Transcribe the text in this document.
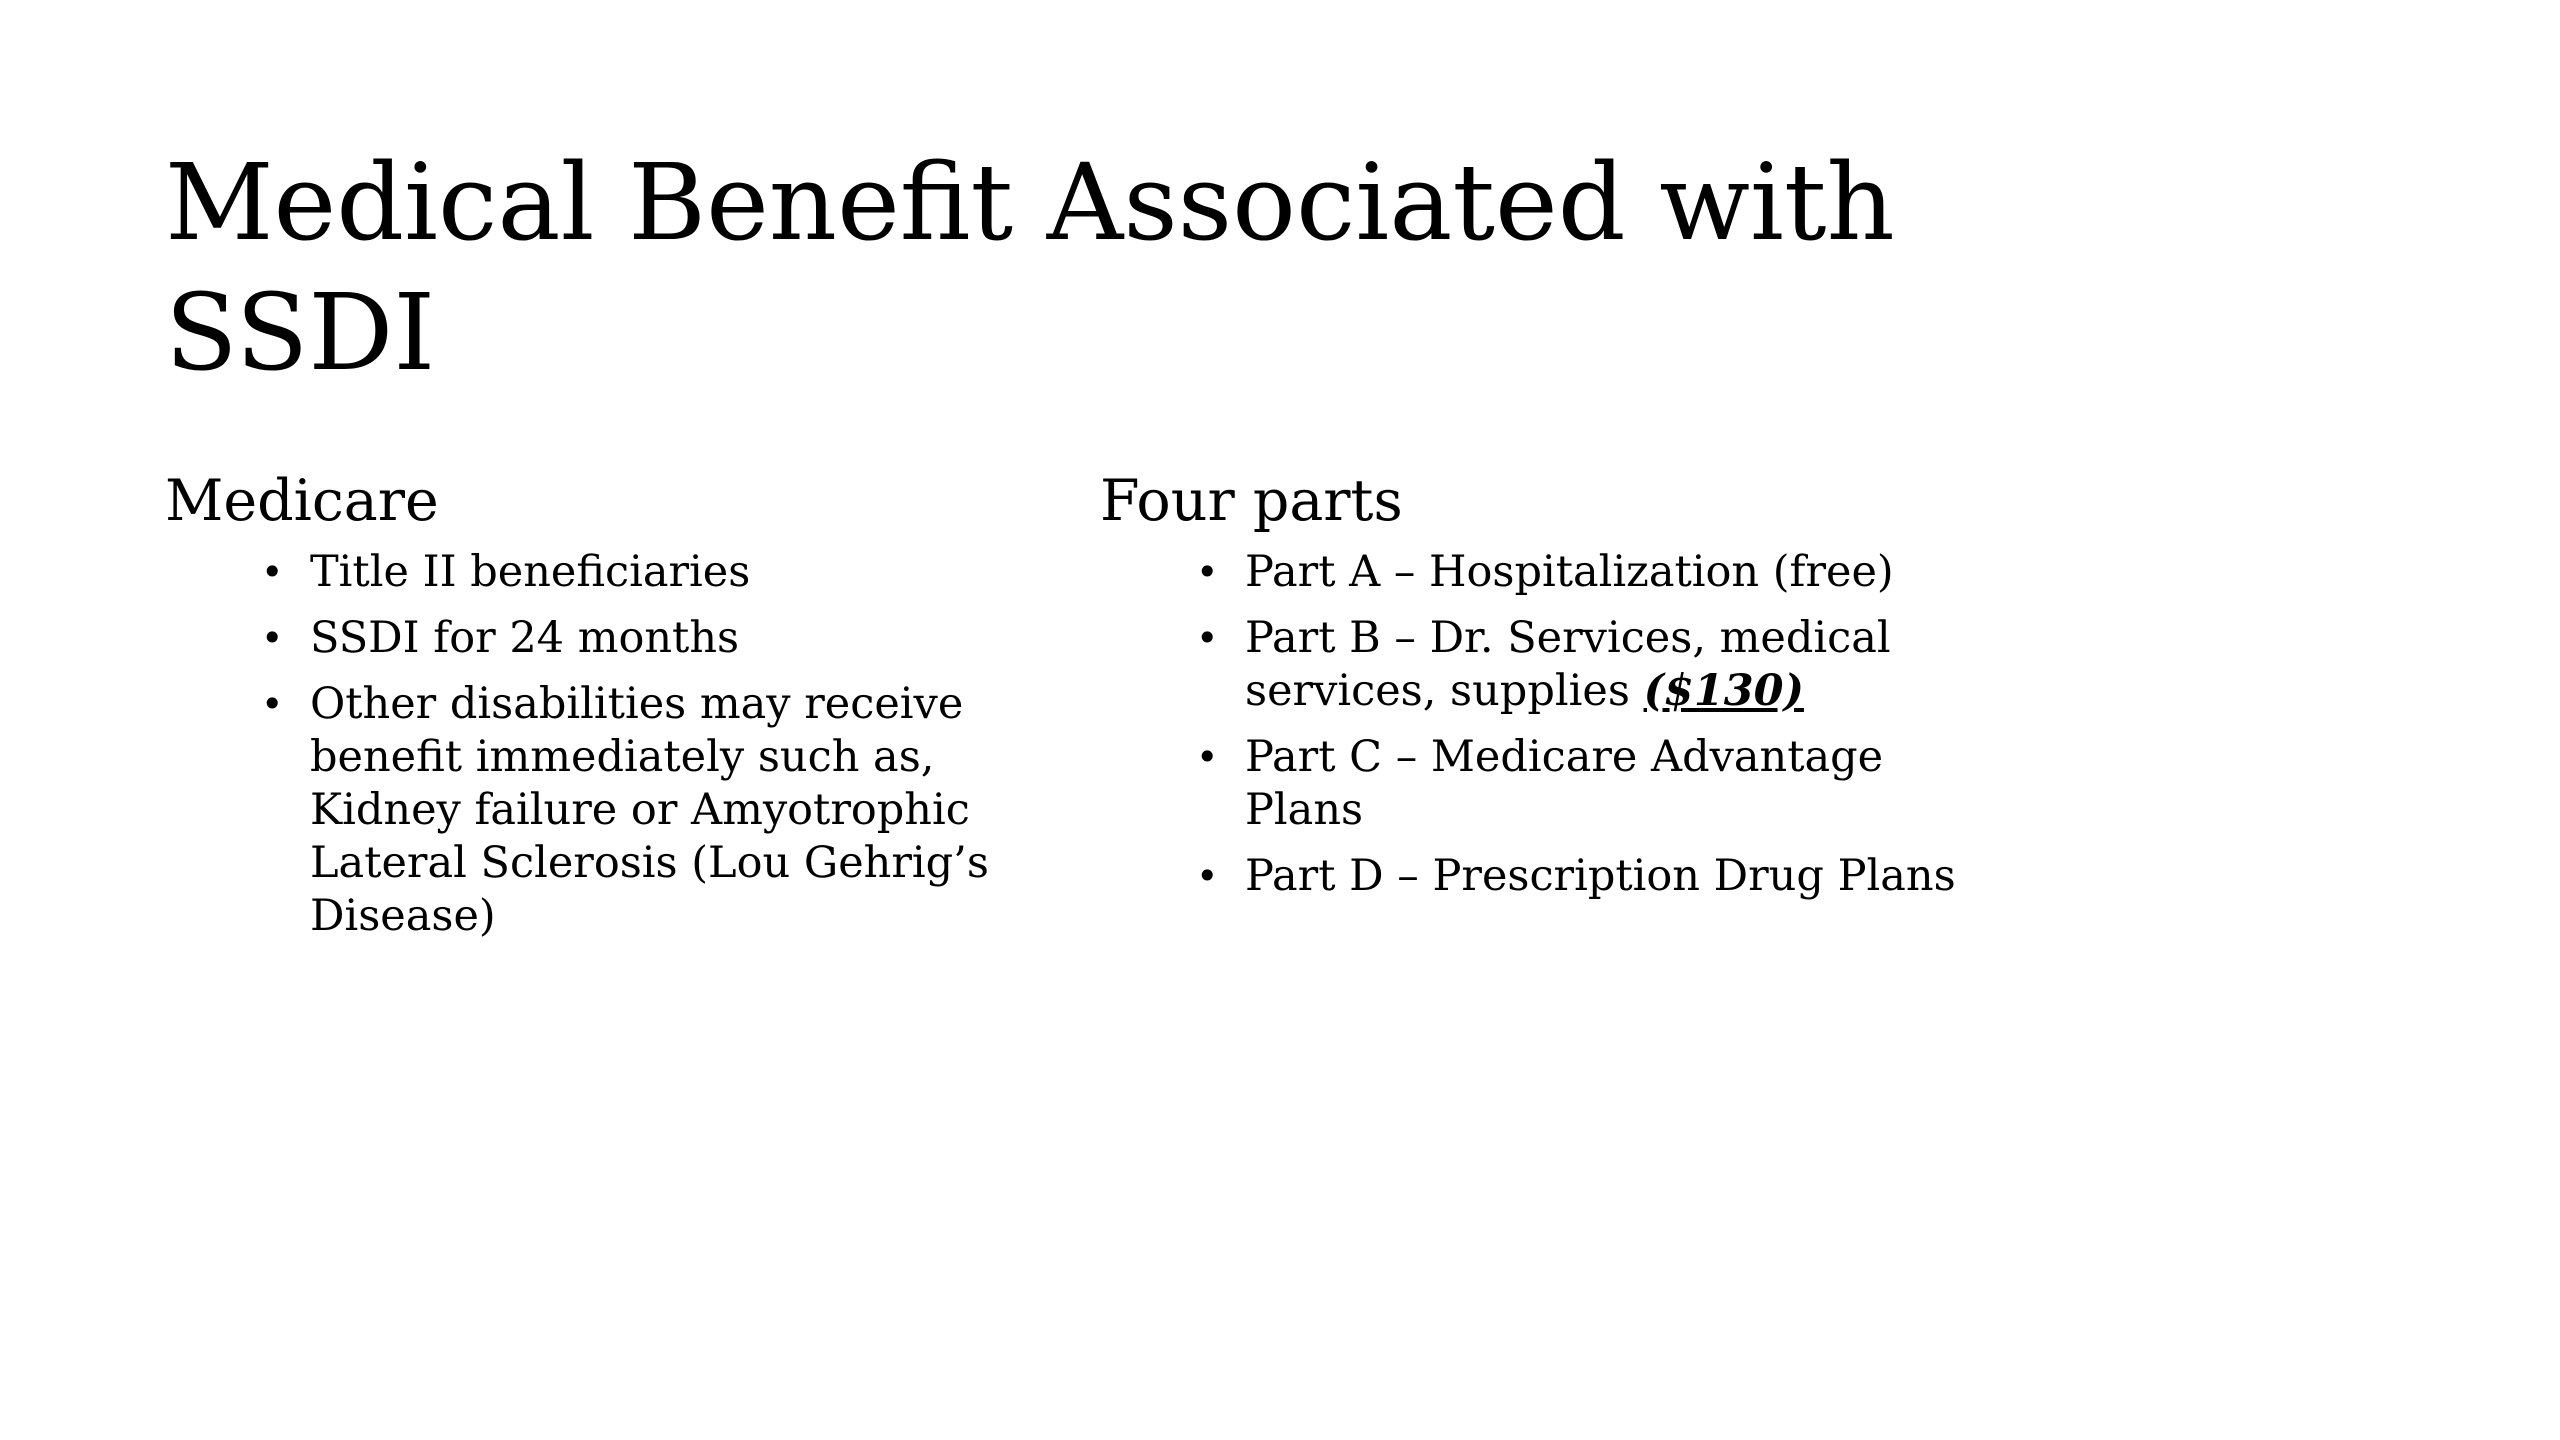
Medical Benefit Associated with SSDI
Medicare
• Title II beneficiaries
• SSDI for 24 months
• Other disabilities may receive benefit immediately such as, Kidney failure or Amyotrophic Lateral Sclerosis (Lou Gehrig’s Disease)
Four parts
• Part A – Hospitalization (free)
• Part B – Dr. Services, medical services, supplies ($130)
• Part C – Medicare Advantage Plans
• Part D – Prescription Drug Plans
